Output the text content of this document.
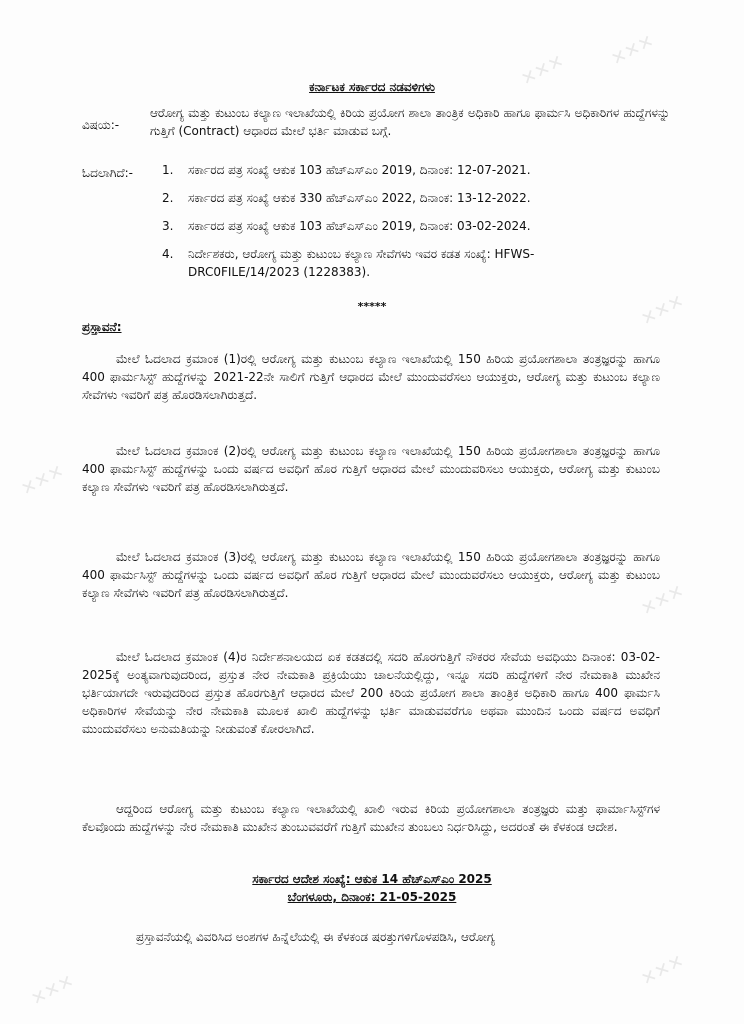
✕✕✕
✕✕✕
✕✕✕
✕✕✕
✕✕✕
✕✕✕
✕✕✕
ಕರ್ನಾಟಕ ಸರ್ಕಾರದ ನಡವಳಿಗಳು
ವಿಷಯ:-
ಆರೋಗ್ಯ ಮತ್ತು ಕುಟುಂಬ ಕಲ್ಯಾಣ ಇಲಾಖೆಯಲ್ಲಿ ಕಿರಿಯ ಪ್ರಯೋಗ ಶಾಲಾ ತಾಂತ್ರಿಕ ಅಧಿಕಾರಿ ಹಾಗೂ ಫಾರ್ಮಸಿ ಅಧಿಕಾರಿಗಳ ಹುದ್ದೆಗಳನ್ನು ಗುತ್ತಿಗೆ (Contract) ಆಧಾರದ ಮೇಲೆ ಭರ್ತಿ ಮಾಡುವ ಬಗ್ಗೆ.
ಓದಲಾಗಿದೆ:- 1.	ಸರ್ಕಾರದ ಪತ್ರ ಸಂಖ್ಯೆ ಆಕುಕ 103 ಹೆಚ್‌ಎಸ್‌ಎಂ 2019, ದಿನಾಂಕ: 12-07-2021.
2.	ಸರ್ಕಾರದ ಪತ್ರ ಸಂಖ್ಯೆ ಆಕುಕ 330 ಹೆಚ್‌ಎಸ್‌ಎಂ 2022, ದಿನಾಂಕ: 13-12-2022.
3.	ಸರ್ಕಾರದ ಪತ್ರ ಸಂಖ್ಯೆ ಆಕುಕ 103 ಹೆಚ್‌ಎಸ್‌ಎಂ 2019, ದಿನಾಂಕ: 03-02-2024.
4.	ನಿರ್ದೇಶಕರು, ಆರೋಗ್ಯ ಮತ್ತು ಕುಟುಂಬ ಕಲ್ಯಾಣ ಸೇವೆಗಳು ಇವರ ಕಡತ ಸಂಖ್ಯೆ: HFWS-DRC0FILE/14/2023 (1228383).
*****
ಪ್ರಸ್ತಾವನೆ:

ಮೇಲೆ ಓದಲಾದ ಕ್ರಮಾಂಕ (1)ರಲ್ಲಿ ಆರೋಗ್ಯ ಮತ್ತು ಕುಟುಂಬ ಕಲ್ಯಾಣ ಇಲಾಖೆಯಲ್ಲಿ 150 ಹಿರಿಯ ಪ್ರಯೋಗಶಾಲಾ ತಂತ್ರಜ್ಞರನ್ನು ಹಾಗೂ 400 ಫಾರ್ಮಸಿಸ್ಟ್ ಹುದ್ದೆಗಳನ್ನು 2021-22ನೇ ಸಾಲಿಗೆ ಗುತ್ತಿಗೆ ಆಧಾರದ ಮೇಲೆ ಮುಂದುವರೆಸಲು ಆಯುಕ್ತರು, ಆರೋಗ್ಯ ಮತ್ತು ಕುಟುಂಬ ಕಲ್ಯಾಣ ಸೇವೆಗಳು ಇವರಿಗೆ ಪತ್ರ ಹೊರಡಿಸಲಾಗಿರುತ್ತದೆ.

ಮೇಲೆ ಓದಲಾದ ಕ್ರಮಾಂಕ (2)ರಲ್ಲಿ ಆರೋಗ್ಯ ಮತ್ತು ಕುಟುಂಬ ಕಲ್ಯಾಣ ಇಲಾಖೆಯಲ್ಲಿ 150 ಹಿರಿಯ ಪ್ರಯೋಗಶಾಲಾ ತಂತ್ರಜ್ಞರನ್ನು ಹಾಗೂ 400 ಫಾರ್ಮಸಿಸ್ಟ್ ಹುದ್ದೆಗಳನ್ನು ಒಂದು ವರ್ಷದ ಅವಧಿಗೆ ಹೊರ ಗುತ್ತಿಗೆ ಆಧಾರದ ಮೇಲೆ ಮುಂದುವರಿಸಲು ಆಯುಕ್ತರು, ಆರೋಗ್ಯ ಮತ್ತು ಕುಟುಂಬ ಕಲ್ಯಾಣ ಸೇವೆಗಳು ಇವರಿಗೆ ಪತ್ರ ಹೊರಡಿಸಲಾಗಿರುತ್ತದೆ.

ಮೇಲೆ ಓದಲಾದ ಕ್ರಮಾಂಕ (3)ರಲ್ಲಿ ಆರೋಗ್ಯ ಮತ್ತು ಕುಟುಂಬ ಕಲ್ಯಾಣ ಇಲಾಖೆಯಲ್ಲಿ 150 ಹಿರಿಯ ಪ್ರಯೋಗಶಾಲಾ ತಂತ್ರಜ್ಞರನ್ನು ಹಾಗೂ 400 ಫಾರ್ಮಸಿಸ್ಟ್ ಹುದ್ದೆಗಳನ್ನು ಒಂದು ವರ್ಷದ ಅವಧಿಗೆ ಹೊರ ಗುತ್ತಿಗೆ ಆಧಾರದ ಮೇಲೆ ಮುಂದುವರೆಸಲು ಆಯುಕ್ತರು, ಆರೋಗ್ಯ ಮತ್ತು ಕುಟುಂಬ ಕಲ್ಯಾಣ ಸೇವೆಗಳು ಇವರಿಗೆ ಪತ್ರ ಹೊರಡಿಸಲಾಗಿರುತ್ತದೆ.

ಮೇಲೆ ಓದಲಾದ ಕ್ರಮಾಂಕ (4)ರ ನಿರ್ದೇಶನಾಲಯದ ಏಕ ಕಡತದಲ್ಲಿ ಸದರಿ ಹೊರಗುತ್ತಿಗೆ ನೌಕರರ ಸೇವೆಯ ಅವಧಿಯು ದಿನಾಂಕ: 03-02-2025ಕ್ಕೆ ಅಂತ್ಯವಾಗುವುದರಿಂದ, ಪ್ರಸ್ತುತ ನೇರ ನೇಮಕಾತಿ ಪ್ರಕ್ರಿಯೆಯು ಚಾಲನೆಯಲ್ಲಿದ್ದು, ಇನ್ನೂ ಸದರಿ ಹುದ್ದೆಗಳಿಗೆ ನೇರ ನೇಮಕಾತಿ ಮುಖೇನ ಭರ್ತಿಯಾಗದೇ ಇರುವುದರಿಂದ ಪ್ರಸ್ತುತ ಹೊರಗುತ್ತಿಗೆ ಆಧಾರದ ಮೇಲೆ 200 ಕಿರಿಯ ಪ್ರಯೋಗ ಶಾಲಾ ತಾಂತ್ರಿಕ ಅಧಿಕಾರಿ ಹಾಗೂ 400 ಫಾರ್ಮಸಿ ಅಧಿಕಾರಿಗಳ ಸೇವೆಯನ್ನು ನೇರ ನೇಮಕಾತಿ ಮೂಲಕ ಖಾಲಿ ಹುದ್ದೆಗಳನ್ನು ಭರ್ತಿ ಮಾಡುವವರೆಗೂ ಅಥವಾ ಮುಂದಿನ ಒಂದು ವರ್ಷದ ಅವಧಿಗೆ ಮುಂದುವರೆಸಲು ಅನುಮತಿಯನ್ನು ನೀಡುವಂತೆ ಕೋರಲಾಗಿದೆ.

ಆದ್ದರಿಂದ ಆರೋಗ್ಯ ಮತ್ತು ಕುಟುಂಬ ಕಲ್ಯಾಣ ಇಲಾಖೆಯಲ್ಲಿ ಖಾಲಿ ಇರುವ ಕಿರಿಯ ಪ್ರಯೋಗಶಾಲಾ ತಂತ್ರಜ್ಞರು ಮತ್ತು ಫಾರ್ಮಾಸಿಸ್ಟ್‌ಗಳ ಕೆಲವೊಂದು ಹುದ್ದೆಗಳನ್ನು ನೇರ ನೇಮಕಾತಿ ಮುಖೇನ ತುಂಬುವವರೆಗೆ ಗುತ್ತಿಗೆ ಮುಖೇನ ತುಂಬಲು ನಿರ್ಧರಿಸಿದ್ದು, ಅದರಂತೆ ಈ ಕೆಳಕಂಡ ಆದೇಶ.

ಸರ್ಕಾರದ ಆದೇಶ ಸಂಖ್ಯೆ: ಆಕುಕ 14 ಹೆಚ್‌ಎಸ್‌ಎಂ 2025
ಬೆಂಗಳೂರು, ದಿನಾಂಕ: 21-05-2025
ಪ್ರಸ್ತಾವನೆಯಲ್ಲಿ ವಿವರಿಸಿದ ಅಂಶಗಳ ಹಿನ್ನೆಲೆಯಲ್ಲಿ ಈ ಕೆಳಕಂಡ ಷರತ್ತುಗಳಿಗೊಳಪಡಿಸಿ, ಆರೋಗ್ಯ
